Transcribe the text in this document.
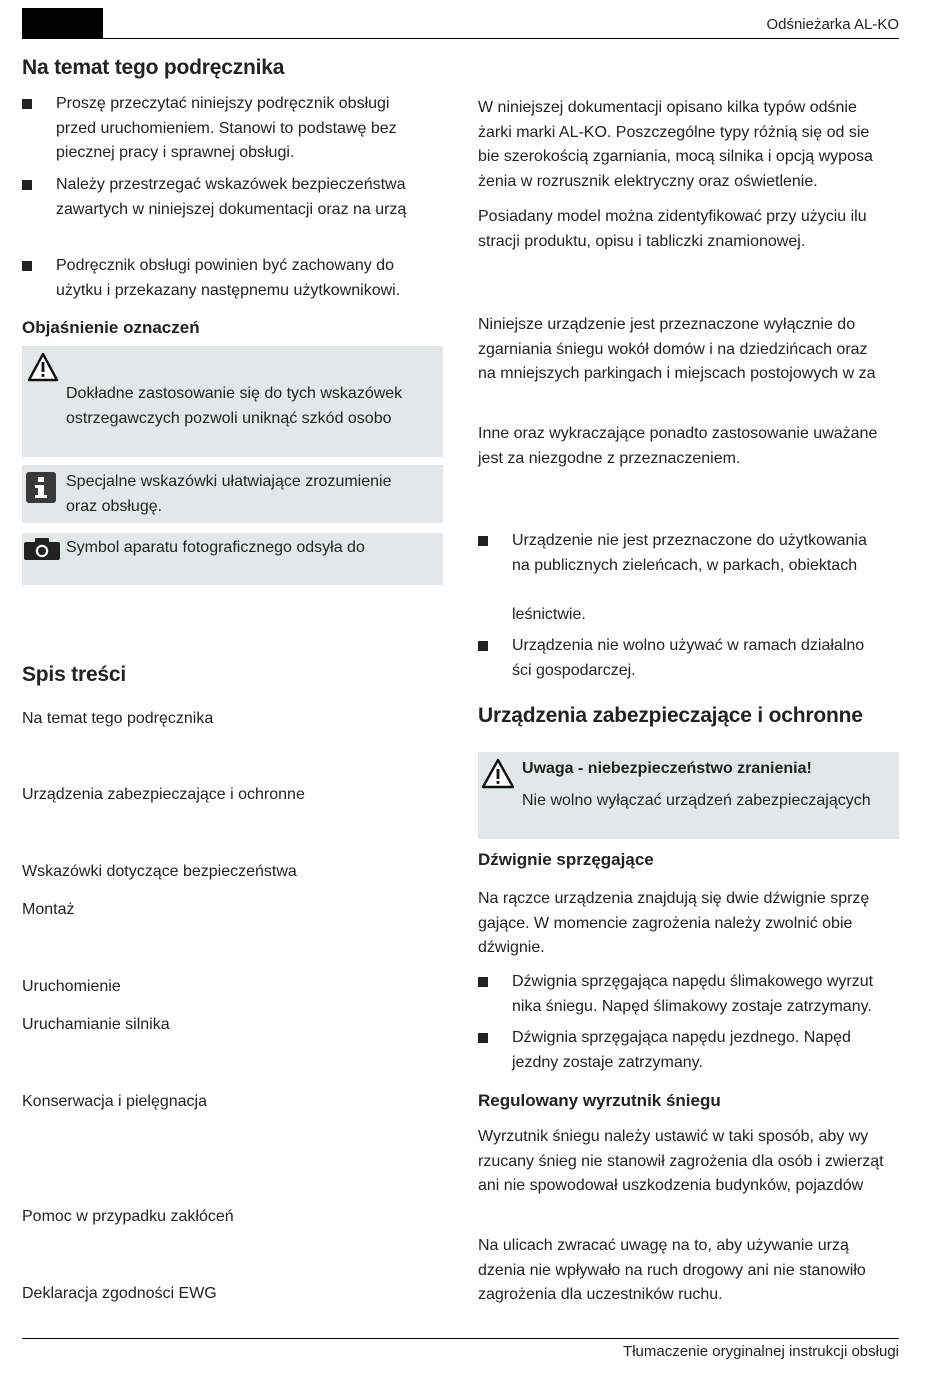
Odśnieżarka AL-KO
Tłumaczenie oryginalnej instrukcji obsługi
Na temat tego podręcznika
Proszę przeczytać niniejszy podręcznik obsługi
przed uruchomieniem. Stanowi to podstawę bez
piecznej pracy i sprawnej obsługi.
Należy przestrzegać wskazówek bezpieczeństwa
zawartych w niniejszej dokumentacji oraz na urzą
Podręcznik obsługi powinien być zachowany do
użytku i przekazany następnemu użytkownikowi.
Objaśnienie oznaczeń

Dokładne zastosowanie się do tych wskazówek
ostrzegawczych pozwoli uniknąć szkód osobo

Specjalne wskazówki ułatwiające zrozumienie
oraz obsługę.

Symbol aparatu fotograficznego odsyła do

Spis treści
Na temat tego podręcznika
Urządzenia zabezpieczające i ochronne
Wskazówki dotyczące bezpieczeństwa
Montaż
Uruchomienie
Uruchamianie silnika
Konserwacja i pielęgnacja
Pomoc w przypadku zakłóceń
Deklaracja zgodności EWG

W niniejszej dokumentacji opisano kilka typów odśnie
żarki marki AL-KO. Poszczególne typy różnią się od sie
bie szerokością zgarniania, mocą silnika i opcją wyposa
żenia w rozrusznik elektryczny oraz oświetlenie.

Posiadany model można zidentyfikować przy użyciu ilu
stracji produktu, opisu i tabliczki znamionowej.

Niniejsze urządzenie jest przeznaczone wyłącznie do
zgarniania śniegu wokół domów i na dziedzińcach oraz
na mniejszych parkingach i miejscach postojowych w za

Inne oraz wykraczające ponadto zastosowanie uważane
jest za niezgodne z przeznaczeniem.

Urządzenie nie jest przeznaczone do użytkowania
na publicznych zieleńcach, w parkach, obiektach

leśnictwie.

Urządzenia nie wolno używać w ramach działalno
ści gospodarczej.
Urządzenia zabezpieczające i ochronne
Uwaga - niebezpieczeństwo zranienia!
Nie wolno wyłączać urządzeń zabezpieczających
Dźwignie sprzęgające

Na rączce urządzenia znajdują się dwie dźwignie sprzę
gające. W momencie zagrożenia należy zwolnić obie
dźwignie.

Dźwignia sprzęgająca napędu ślimakowego wyrzut
nika śniegu. Napęd ślimakowy zostaje zatrzymany.
Dźwignia sprzęgająca napędu jezdnego. Napęd
jezdny zostaje zatrzymany.
Regulowany wyrzutnik śniegu

Wyrzutnik śniegu należy ustawić w taki sposób, aby wy
rzucany śnieg nie stanowił zagrożenia dla osób i zwierząt
ani nie spowodował uszkodzenia budynków, pojazdów

Na ulicach zwracać uwagę na to, aby używanie urzą
dzenia nie wpływało na ruch drogowy ani nie stanowiło
zagrożenia dla uczestników ruchu.
